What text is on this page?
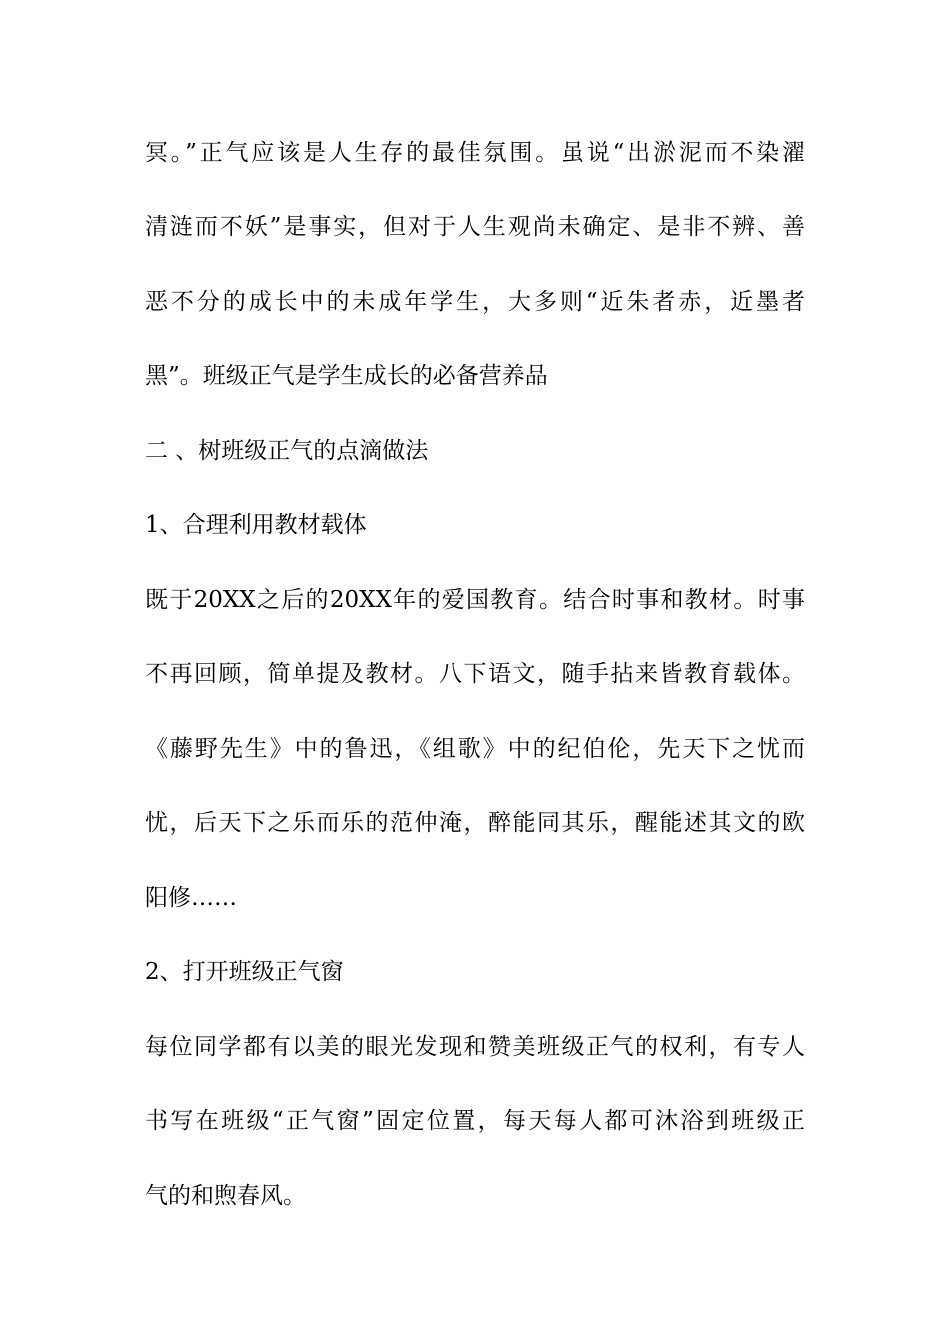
冥。”正气应该是人生存的最佳氛围。虽说“出淤泥而不染濯
清涟而不妖”是事实，但对于人生观尚未确定、是非不辨、善
恶不分的成长中的未成年学生，大多则“近朱者赤，近墨者
黑”。班级正气是学生成长的必备营养品
二 、树班级正气的点滴做法
1、合理利用教材载体
既于20XX之后的20XX年的爱国教育。结合时事和教材。时事
不再回顾，简单提及教材。八下语文，随手拈来皆教育载体。
《藤野先生》中的鲁迅，《组歌》中的纪伯伦，先天下之忧而
忧，后天下之乐而乐的范仲淹，醉能同其乐，醒能述其文的欧
阳修……
2、打开班级正气窗
每位同学都有以美的眼光发现和赞美班级正气的权利，有专人
书写在班级“正气窗”固定位置，每天每人都可沐浴到班级正
气的和煦春风。
